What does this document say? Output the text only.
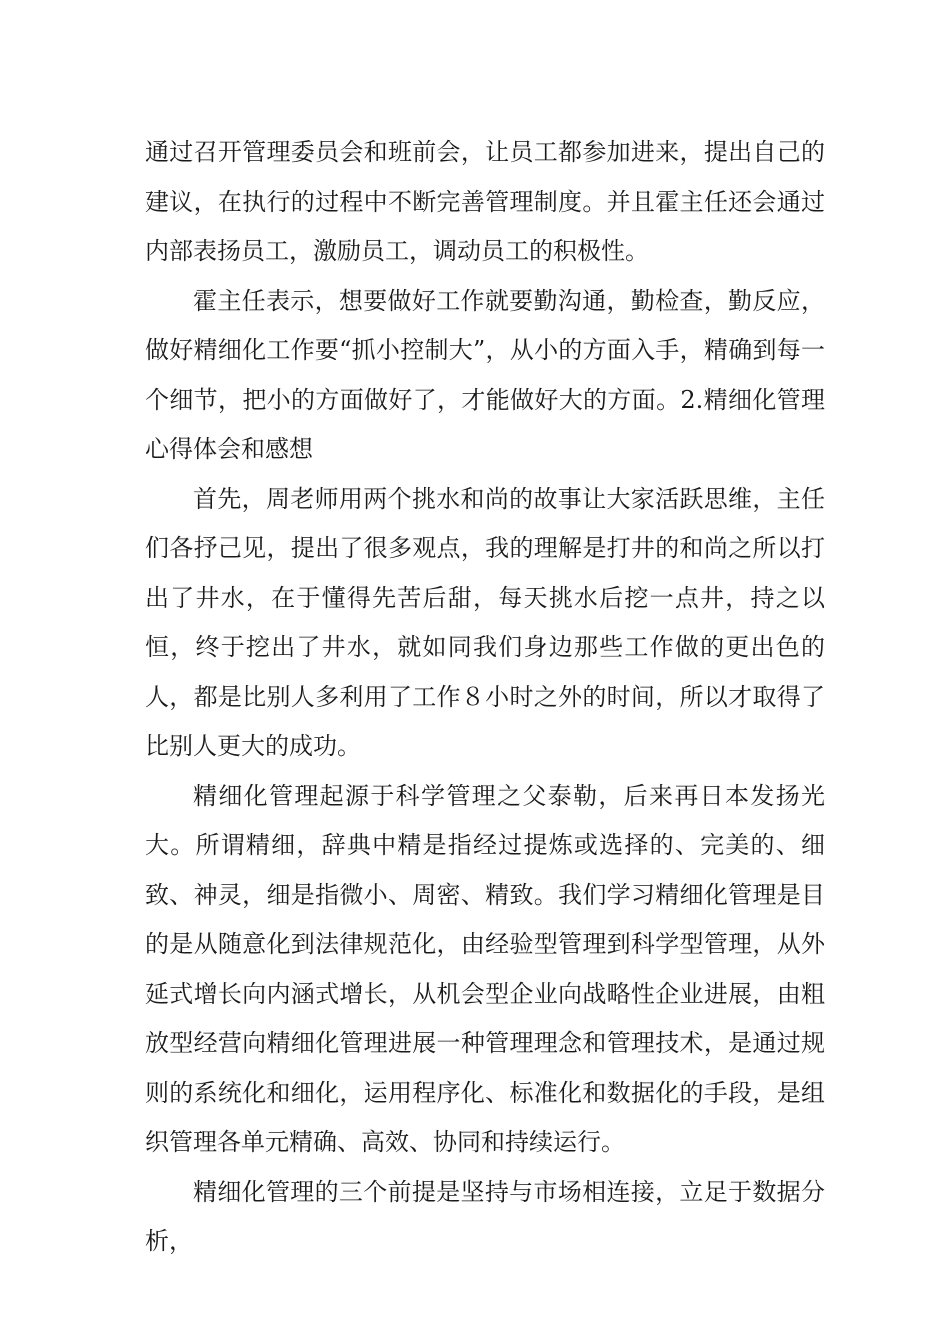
通过召开管理委员会和班前会，让员工都参加进来，提出自己的建议，在执行的过程中不断完善管理制度。并且霍主任还会通过内部表扬员工，激励员工，调动员工的积极性。

霍主任表示，想要做好工作就要勤沟通，勤检查，勤反应，做好精细化工作要“抓小控制大”，从小的方面入手，精确到每一个细节，把小的方面做好了，才能做好大的方面。2.精细化管理心得体会和感想

首先，周老师用两个挑水和尚的故事让大家活跃思维，主任们各抒己见，提出了很多观点，我的理解是打井的和尚之所以打出了井水，在于懂得先苦后甜，每天挑水后挖一点井，持之以恒，终于挖出了井水，就如同我们身边那些工作做的更出色的人，都是比别人多利用了工作８小时之外的时间，所以才取得了比别人更大的成功。

精细化管理起源于科学管理之父泰勒，后来再日本发扬光大。所谓精细，辞典中精是指经过提炼或选择的、完美的、细致、神灵，细是指微小、周密、精致。我们学习精细化管理是目的是从随意化到法律规范化，由经验型管理到科学型管理，从外延式增长向内涵式增长，从机会型企业向战略性企业进展，由粗放型经营向精细化管理进展一种管理理念和管理技术，是通过规则的系统化和细化，运用程序化、标准化和数据化的手段，是组织管理各单元精确、高效、协同和持续运行。

精细化管理的三个前提是坚持与市场相连接，立足于数据分析，
